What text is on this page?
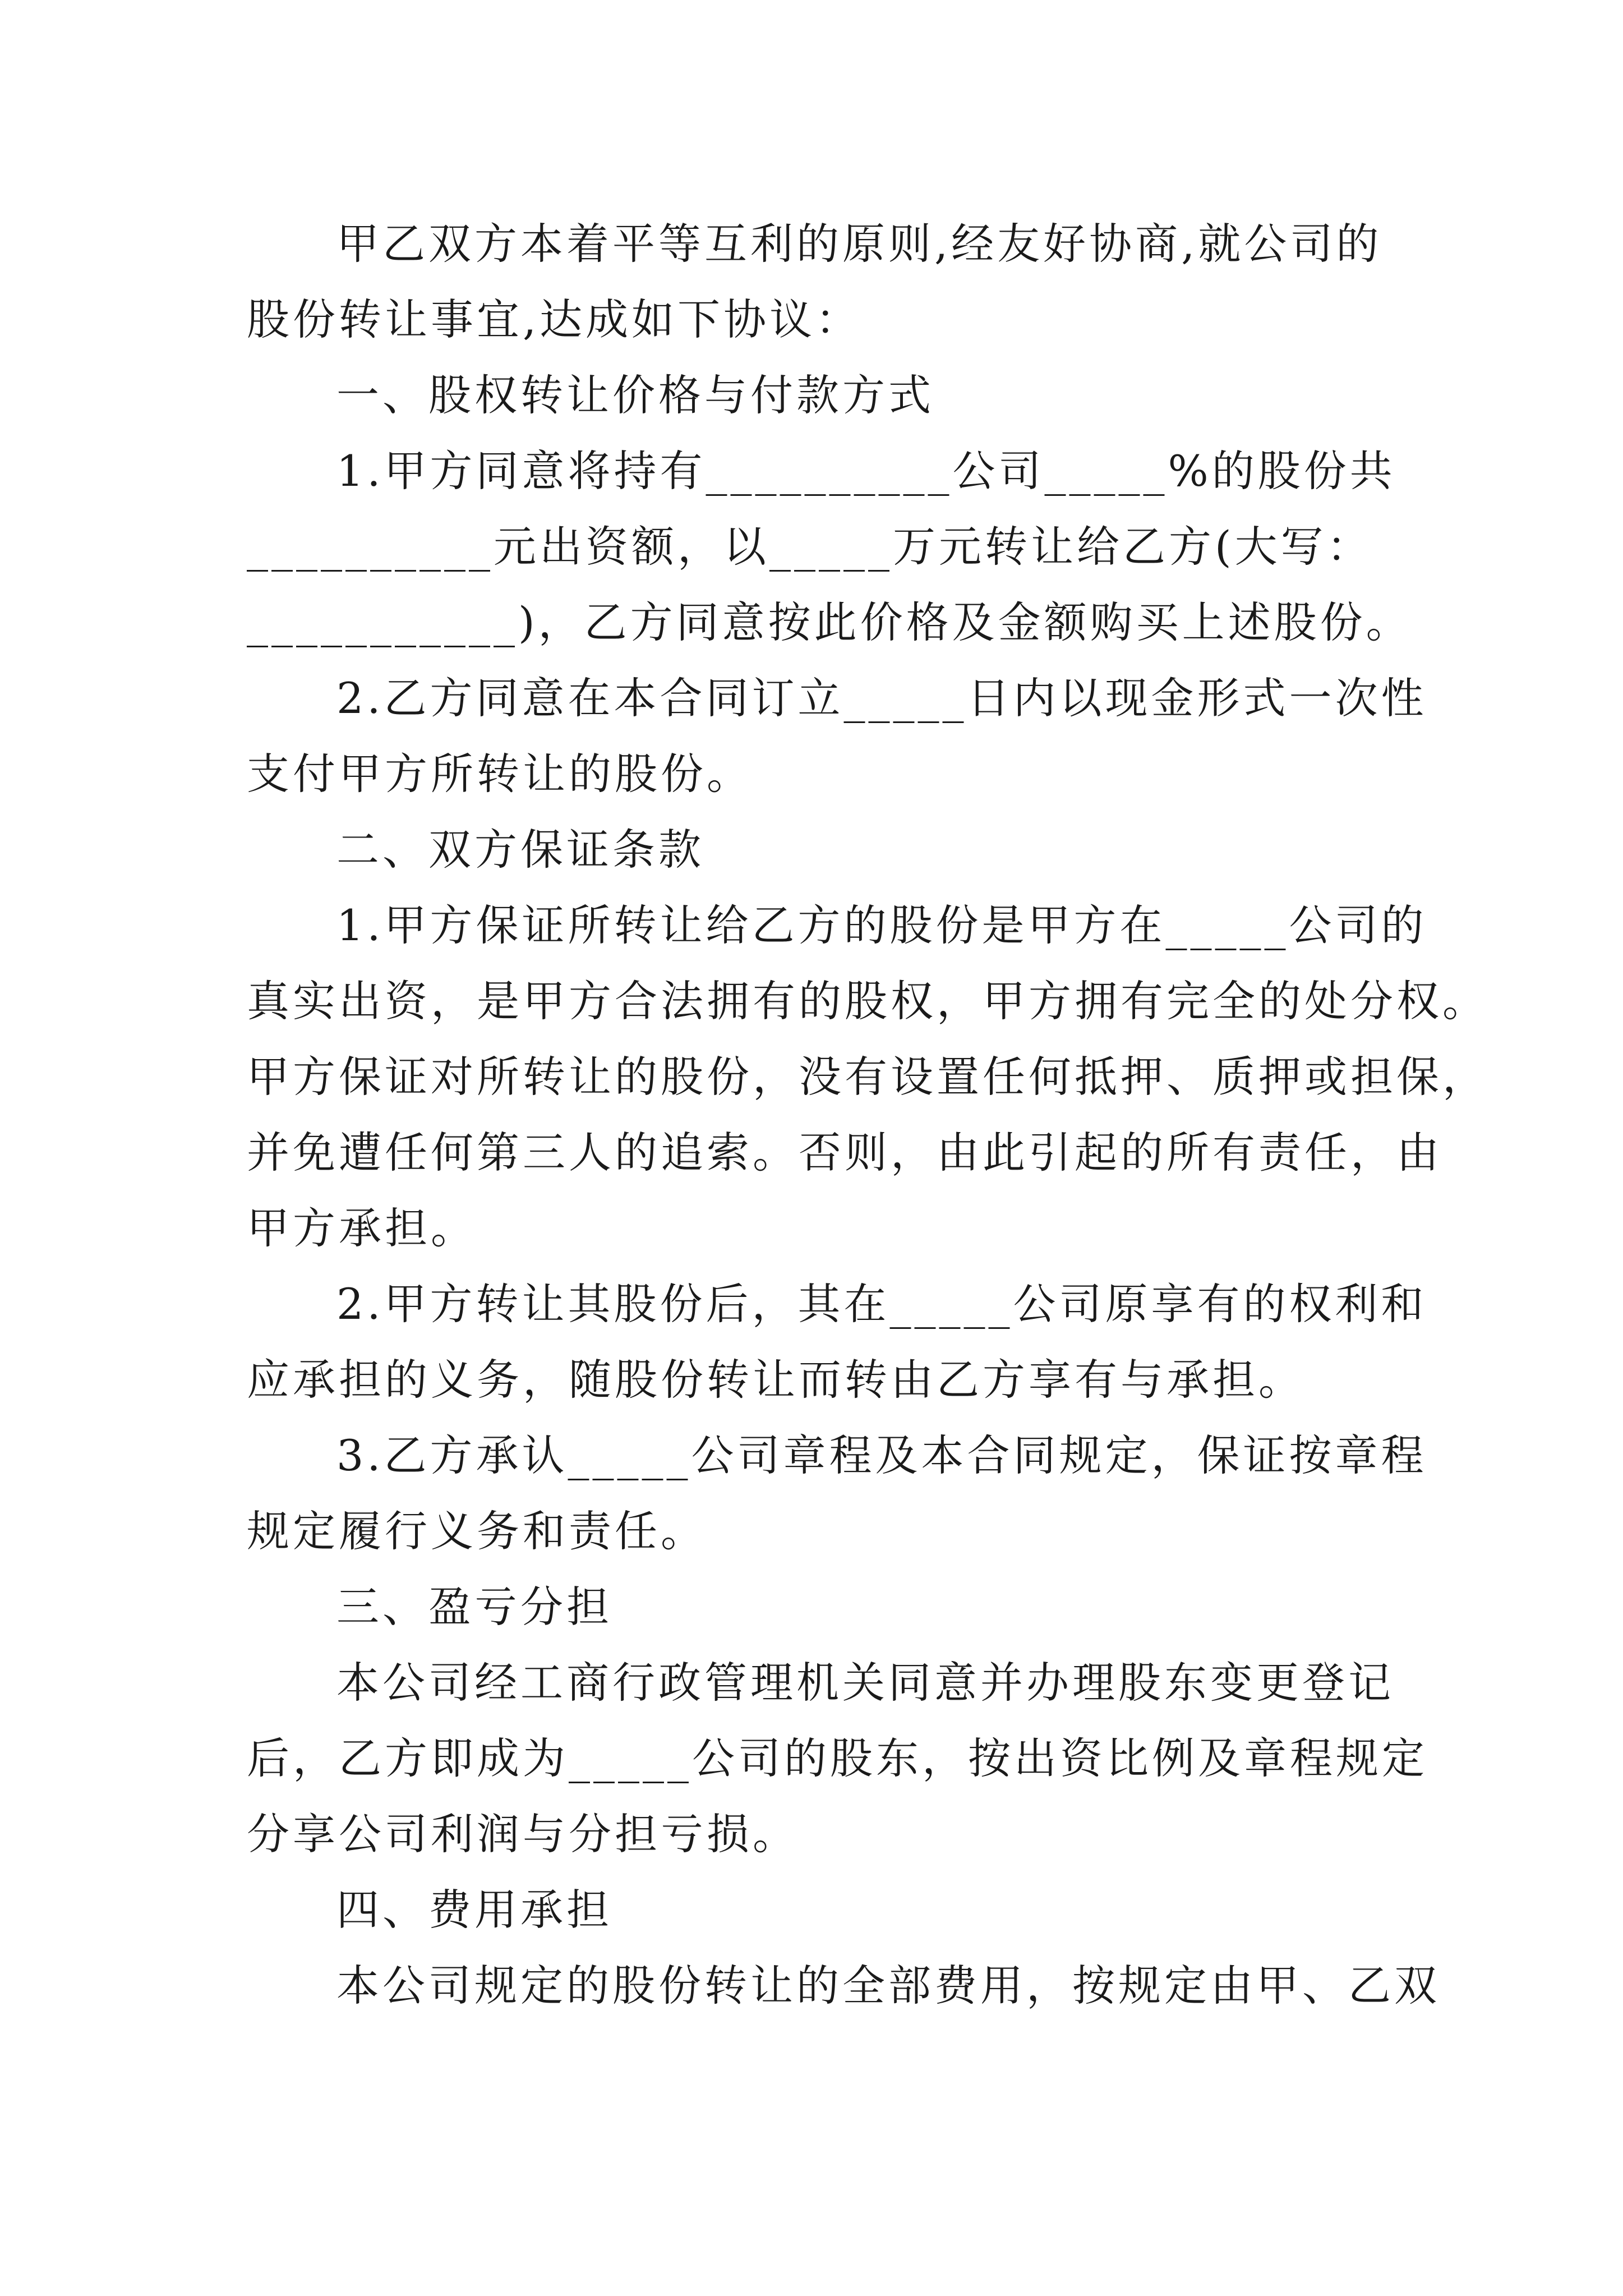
甲乙双方本着平等互利的原则,经友好协商,就公司的
股份转让事宜,达成如下协议：
一、股权转让价格与付款方式
1.甲方同意将持有__________公司_____%的股份共
__________元出资额，以_____万元转让给乙方(大写：
___________)，乙方同意按此价格及金额购买上述股份。
2.乙方同意在本合同订立_____日内以现金形式一次性
支付甲方所转让的股份。
二、双方保证条款
1.甲方保证所转让给乙方的股份是甲方在_____公司的
真实出资，是甲方合法拥有的股权，甲方拥有完全的处分权。
甲方保证对所转让的股份，没有设置任何抵押、质押或担保，
并免遭任何第三人的追索。否则，由此引起的所有责任，由
甲方承担。
2.甲方转让其股份后，其在_____公司原享有的权利和
应承担的义务，随股份转让而转由乙方享有与承担。
3.乙方承认_____公司章程及本合同规定，保证按章程
规定履行义务和责任。
三、盈亏分担
本公司经工商行政管理机关同意并办理股东变更登记
后，乙方即成为_____公司的股东，按出资比例及章程规定
分享公司利润与分担亏损。
四、费用承担
本公司规定的股份转让的全部费用，按规定由甲、乙双
